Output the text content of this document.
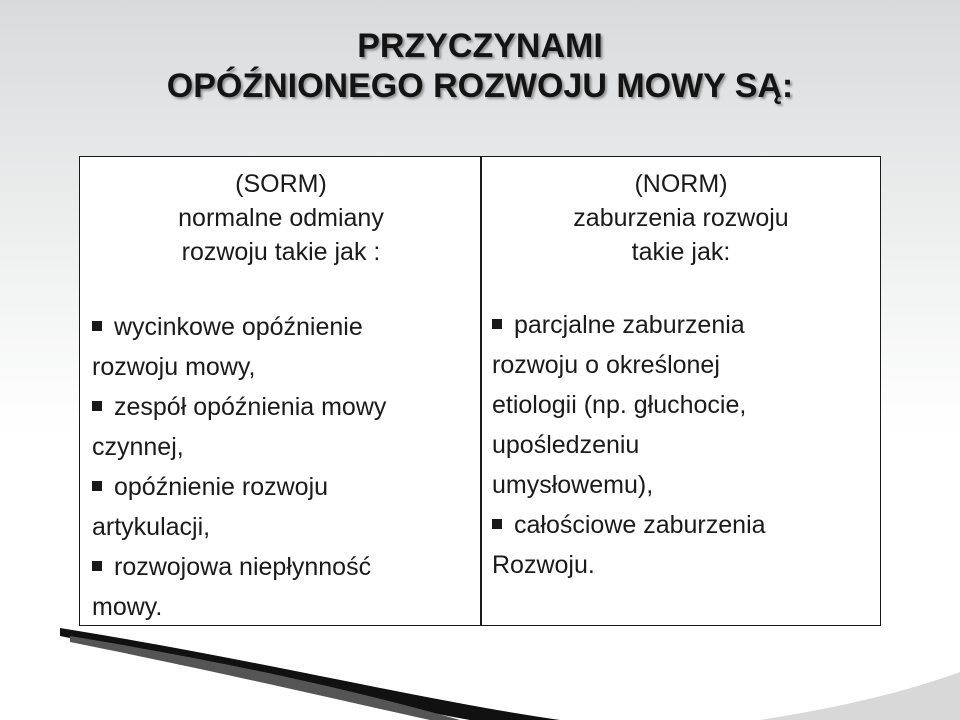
PRZYCZYNAMI
OPÓŹNIONEGO ROZWOJU MOWY SĄ:
(SORM)
normalne odmiany
rozwoju takie jak :
wycinkowe opóźnienie
rozwoju mowy,
zespół opóźnienia mowy
czynnej,
opóźnienie rozwoju
artykulacji,
rozwojowa niepłynność
mowy.
(NORM)
zaburzenia rozwoju
takie jak:
parcjalne zaburzenia
rozwoju o określonej
etiologii (np. głuchocie,
upośledzeniu
umysłowemu),
całościowe zaburzenia
Rozwoju.
